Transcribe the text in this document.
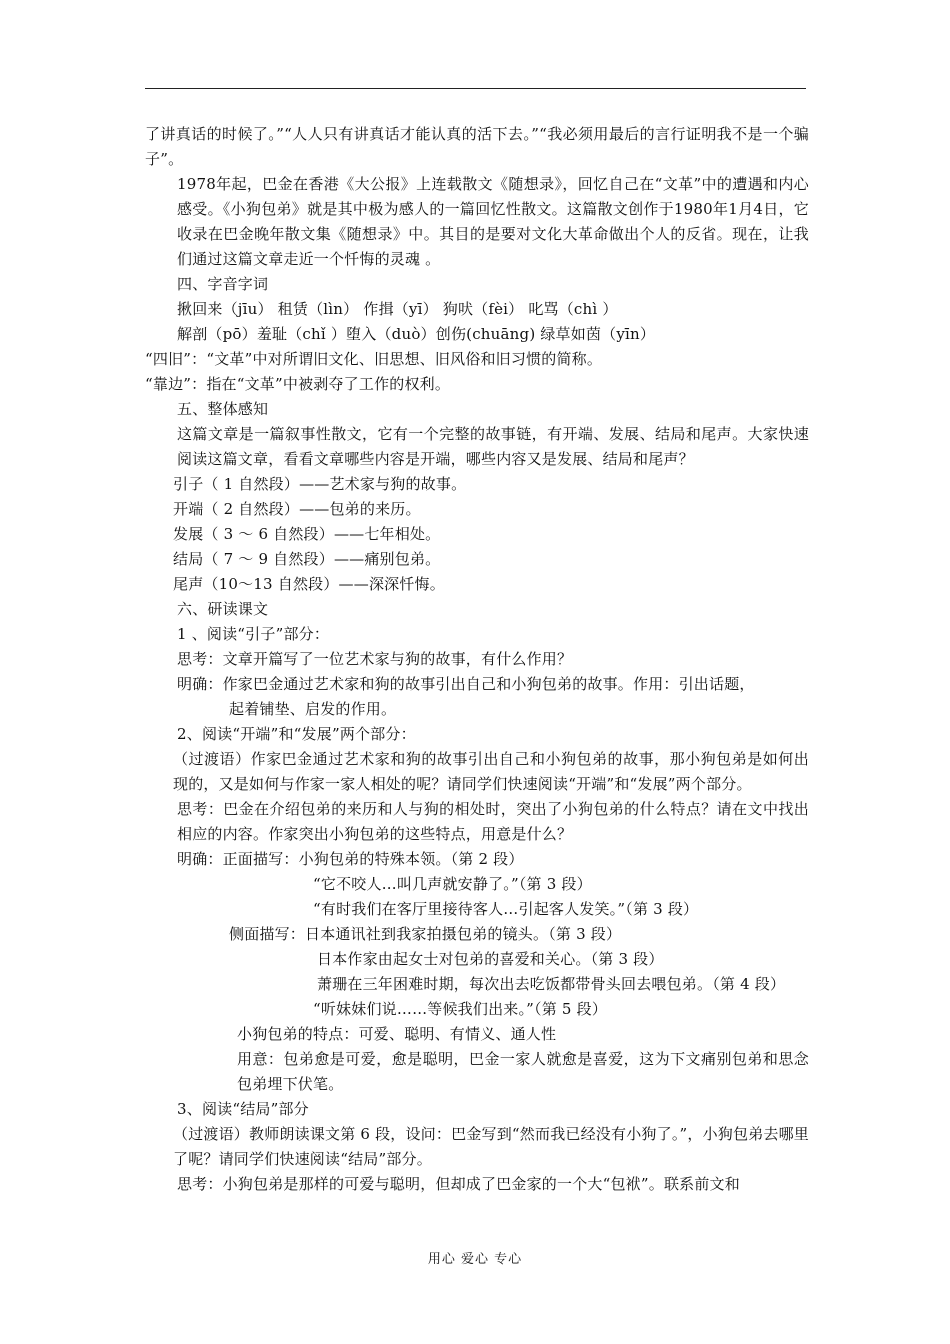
了讲真话的时候了。”“人人只有讲真话才能认真的活下去。”“我必须用最后的言行证明我不是一个骗子”。

1978年起，巴金在香港《大公报》上连载散文《随想录》，回忆自己在“文革”中的遭遇和内心感受。《小狗包弟》就是其中极为感人的一篇回忆性散文。这篇散文创作于1980年1月4日，它收录在巴金晚年散文集《随想录》中。其目的是要对文化大革命做出个人的反省。现在，让我们通过这篇文章走近一个忏悔的灵魂 。

四、字音字词

揪回来（jīu） 租赁（lìn） 作揖（yī） 狗吠（fèi） 叱骂（chì ）

解剖（pō）羞耻（chǐ ）堕入（duò）创伤(chuāng) 绿草如茵（yīn）

“四旧”：“文革”中对所谓旧文化、旧思想、旧风俗和旧习惯的简称。

“靠边”：指在“文革”中被剥夺了工作的权利。

五、整体感知

这篇文章是一篇叙事性散文，它有一个完整的故事链，有开端、发展、结局和尾声。大家快速阅读这篇文章，看看文章哪些内容是开端，哪些内容又是发展、结局和尾声？

引子（ 1 自然段）——艺术家与狗的故事。

开端（ 2 自然段）——包弟的来历。

发展（ 3 ～ 6 自然段）——七年相处。

结局（ 7 ～ 9 自然段）——痛别包弟。

尾声（10～13 自然段）——深深忏悔。

六、研读课文

1 、阅读“引子”部分：

思考：文章开篇写了一位艺术家与狗的故事，有什么作用？

明确：作家巴金通过艺术家和狗的故事引出自己和小狗包弟的故事。作用：引出话题，

起着铺垫、启发的作用。

2、阅读“开端”和“发展”两个部分：

（过渡语）作家巴金通过艺术家和狗的故事引出自己和小狗包弟的故事，那小狗包弟是如何出现的，又是如何与作家一家人相处的呢？请同学们快速阅读“开端”和“发展”两个部分。

思考：巴金在介绍包弟的来历和人与狗的相处时，突出了小狗包弟的什么特点？请在文中找出相应的内容。作家突出小狗包弟的这些特点，用意是什么？

明确：正面描写：小狗包弟的特殊本领。（第 2 段）

“它不咬人…叫几声就安静了。”（第 3 段）

“有时我们在客厅里接待客人…引起客人发笑。”（第 3 段）

侧面描写：日本通讯社到我家拍摄包弟的镜头。（第 3 段）

日本作家由起女士对包弟的喜爱和关心。（第 3 段）

萧珊在三年困难时期，每次出去吃饭都带骨头回去喂包弟。（第 4 段）

“听妹妹们说……等候我们出来。”（第 5 段）

小狗包弟的特点：可爱、聪明、有情义、通人性

用意：包弟愈是可爱，愈是聪明，巴金一家人就愈是喜爱，这为下文痛别包弟和思念包弟埋下伏笔。

3、阅读“结局”部分

（过渡语）教师朗读课文第 6 段，设问：巴金写到“然而我已经没有小狗了。”，小狗包弟去哪里了呢？请同学们快速阅读“结局”部分。

思考：小狗包弟是那样的可爱与聪明，但却成了巴金家的一个大“包袱”。联系前文和

用心 爱心 专心
